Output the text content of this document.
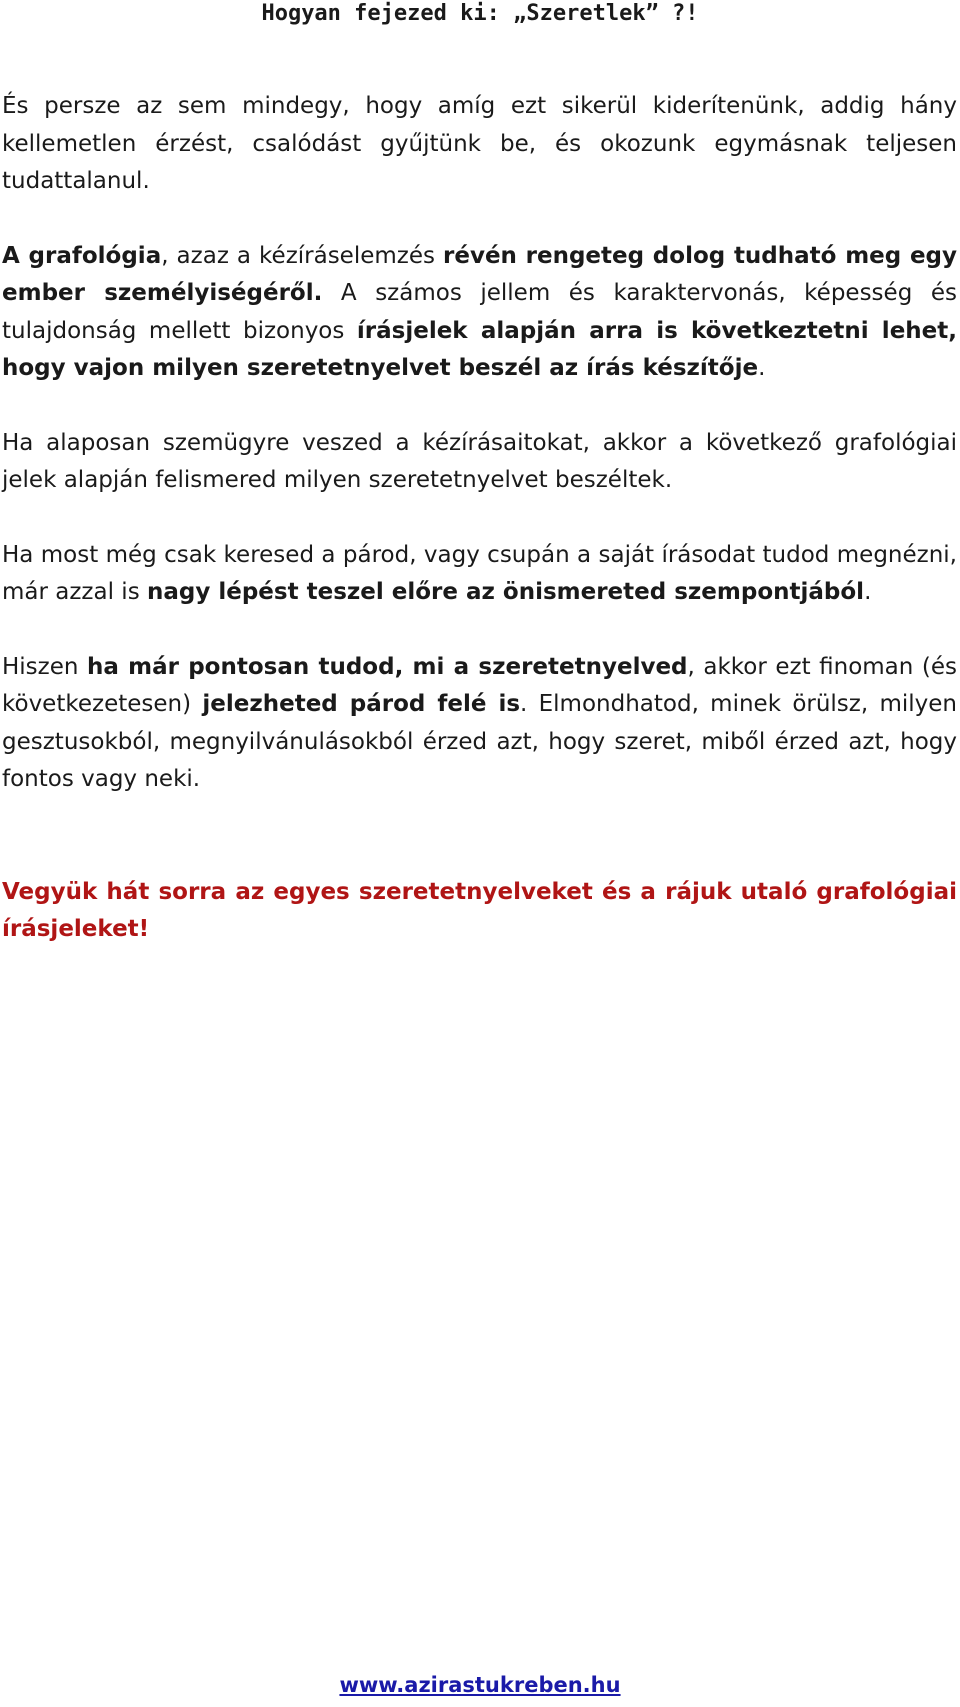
Hogyan fejezed ki: „Szeretlek” ?!

És persze az sem mindegy, hogy amíg ezt sikerül kiderítenünk, addig hány kellemetlen érzést, csalódást gyűjtünk be, és okozunk egymásnak teljesen tudattalanul.

A grafológia, azaz a kézíráselemzés révén rengeteg dolog tudható meg egy ember személyiségéről. A számos jellem és karaktervonás, képesség és tulajdonság mellett bizonyos írásjelek alapján arra is következtetni lehet, hogy vajon milyen szeretetnyelvet beszél az írás készítője.

Ha alaposan szemügyre veszed a kézírásaitokat, akkor a következő grafológiai jelek alapján felismered milyen szeretetnyelvet beszéltek.

Ha most még csak keresed a párod, vagy csupán a saját írásodat tudod megnézni, már azzal is nagy lépést teszel előre az önismereted szempontjából.

Hiszen ha már pontosan tudod, mi a szeretetnyelved, akkor ezt finoman (és következetesen) jelezheted párod felé is. Elmondhatod, minek örülsz, milyen gesztusokból, megnyilvánulásokból érzed azt, hogy szeret, miből érzed azt, hogy fontos vagy neki.

Vegyük hát sorra az egyes szeretetnyelveket és a rájuk utaló grafológiai írásjeleket!

www.azirastukreben.hu
